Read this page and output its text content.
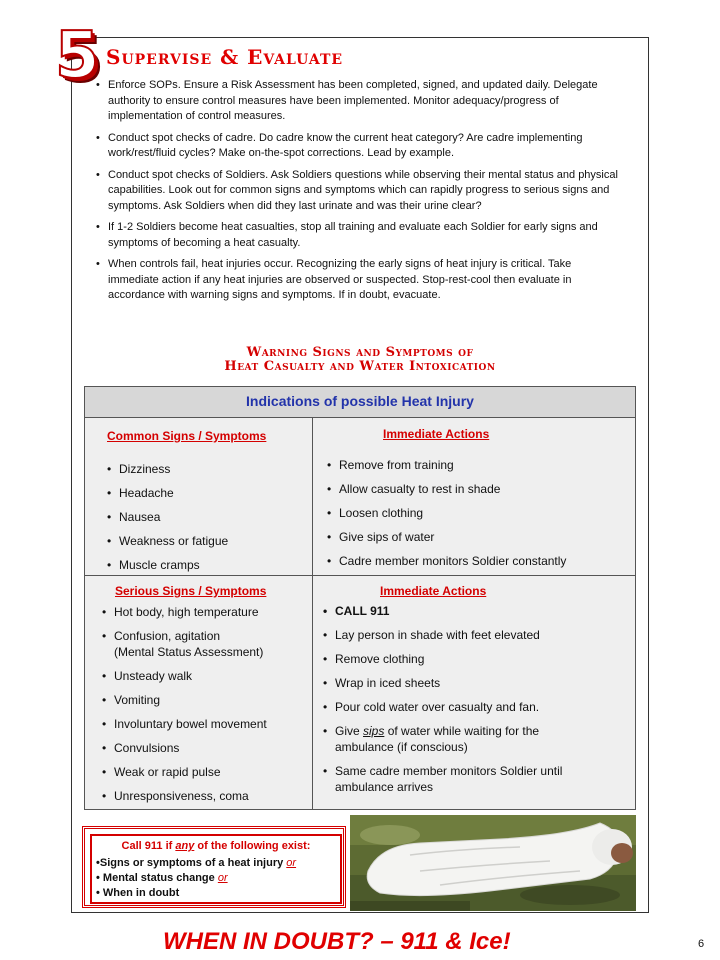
5 Supervise & Evaluate
• Enforce SOPs. Ensure a Risk Assessment has been completed, signed, and updated daily. Delegate authority to ensure control measures have been implemented. Monitor adequacy/progress of implementation of control measures.
• Conduct spot checks of cadre. Do cadre know the current heat category? Are cadre implementing work/rest/fluid cycles? Make on-the-spot corrections. Lead by example.
• Conduct spot checks of Soldiers. Ask Soldiers questions while observing their mental status and physical capabilities. Look out for common signs and symptoms which can rapidly progress to serious signs and symptoms. Ask Soldiers when did they last urinate and was their urine clear?
• If 1-2 Soldiers become heat casualties, stop all training and evaluate each Soldier for early signs and symptoms of becoming a heat casualty.
• When controls fail, heat injuries occur. Recognizing the early signs of heat injury is critical. Take immediate action if any heat injuries are observed or suspected. Stop-rest-cool then evaluate in accordance with warning signs and symptoms. If in doubt, evacuate.
Warning Signs and Symptoms of
Heat Casualty and Water Intoxication
Indications of possible Heat Injury
Common Signs / Symptoms
• Dizziness
• Headache
• Nausea
• Weakness or fatigue
• Muscle cramps
Immediate Actions
• Remove from training
• Allow casualty to rest in shade
• Loosen clothing
• Give sips of water
• Cadre member monitors Soldier constantly
Serious Signs / Symptoms
• Hot body, high temperature
• Confusion, agitation
(Mental Status Assessment)
• Unsteady walk
• Vomiting
• Involuntary bowel movement
• Convulsions
• Weak or rapid pulse
• Unresponsiveness, coma
Immediate Actions
• CALL 911
• Lay person in shade with feet elevated
• Remove clothing
• Wrap in iced sheets
• Pour cold water over casualty and fan.
• Give sips of water while waiting for the
ambulance (if conscious)
• Same cadre member monitors Soldier until
ambulance arrives
Call 911 if any of the following exist:
•Signs or symptoms of a heat injury or
• Mental status change or
• When in doubt
WHEN IN DOUBT? – 911 & Ice!	6
